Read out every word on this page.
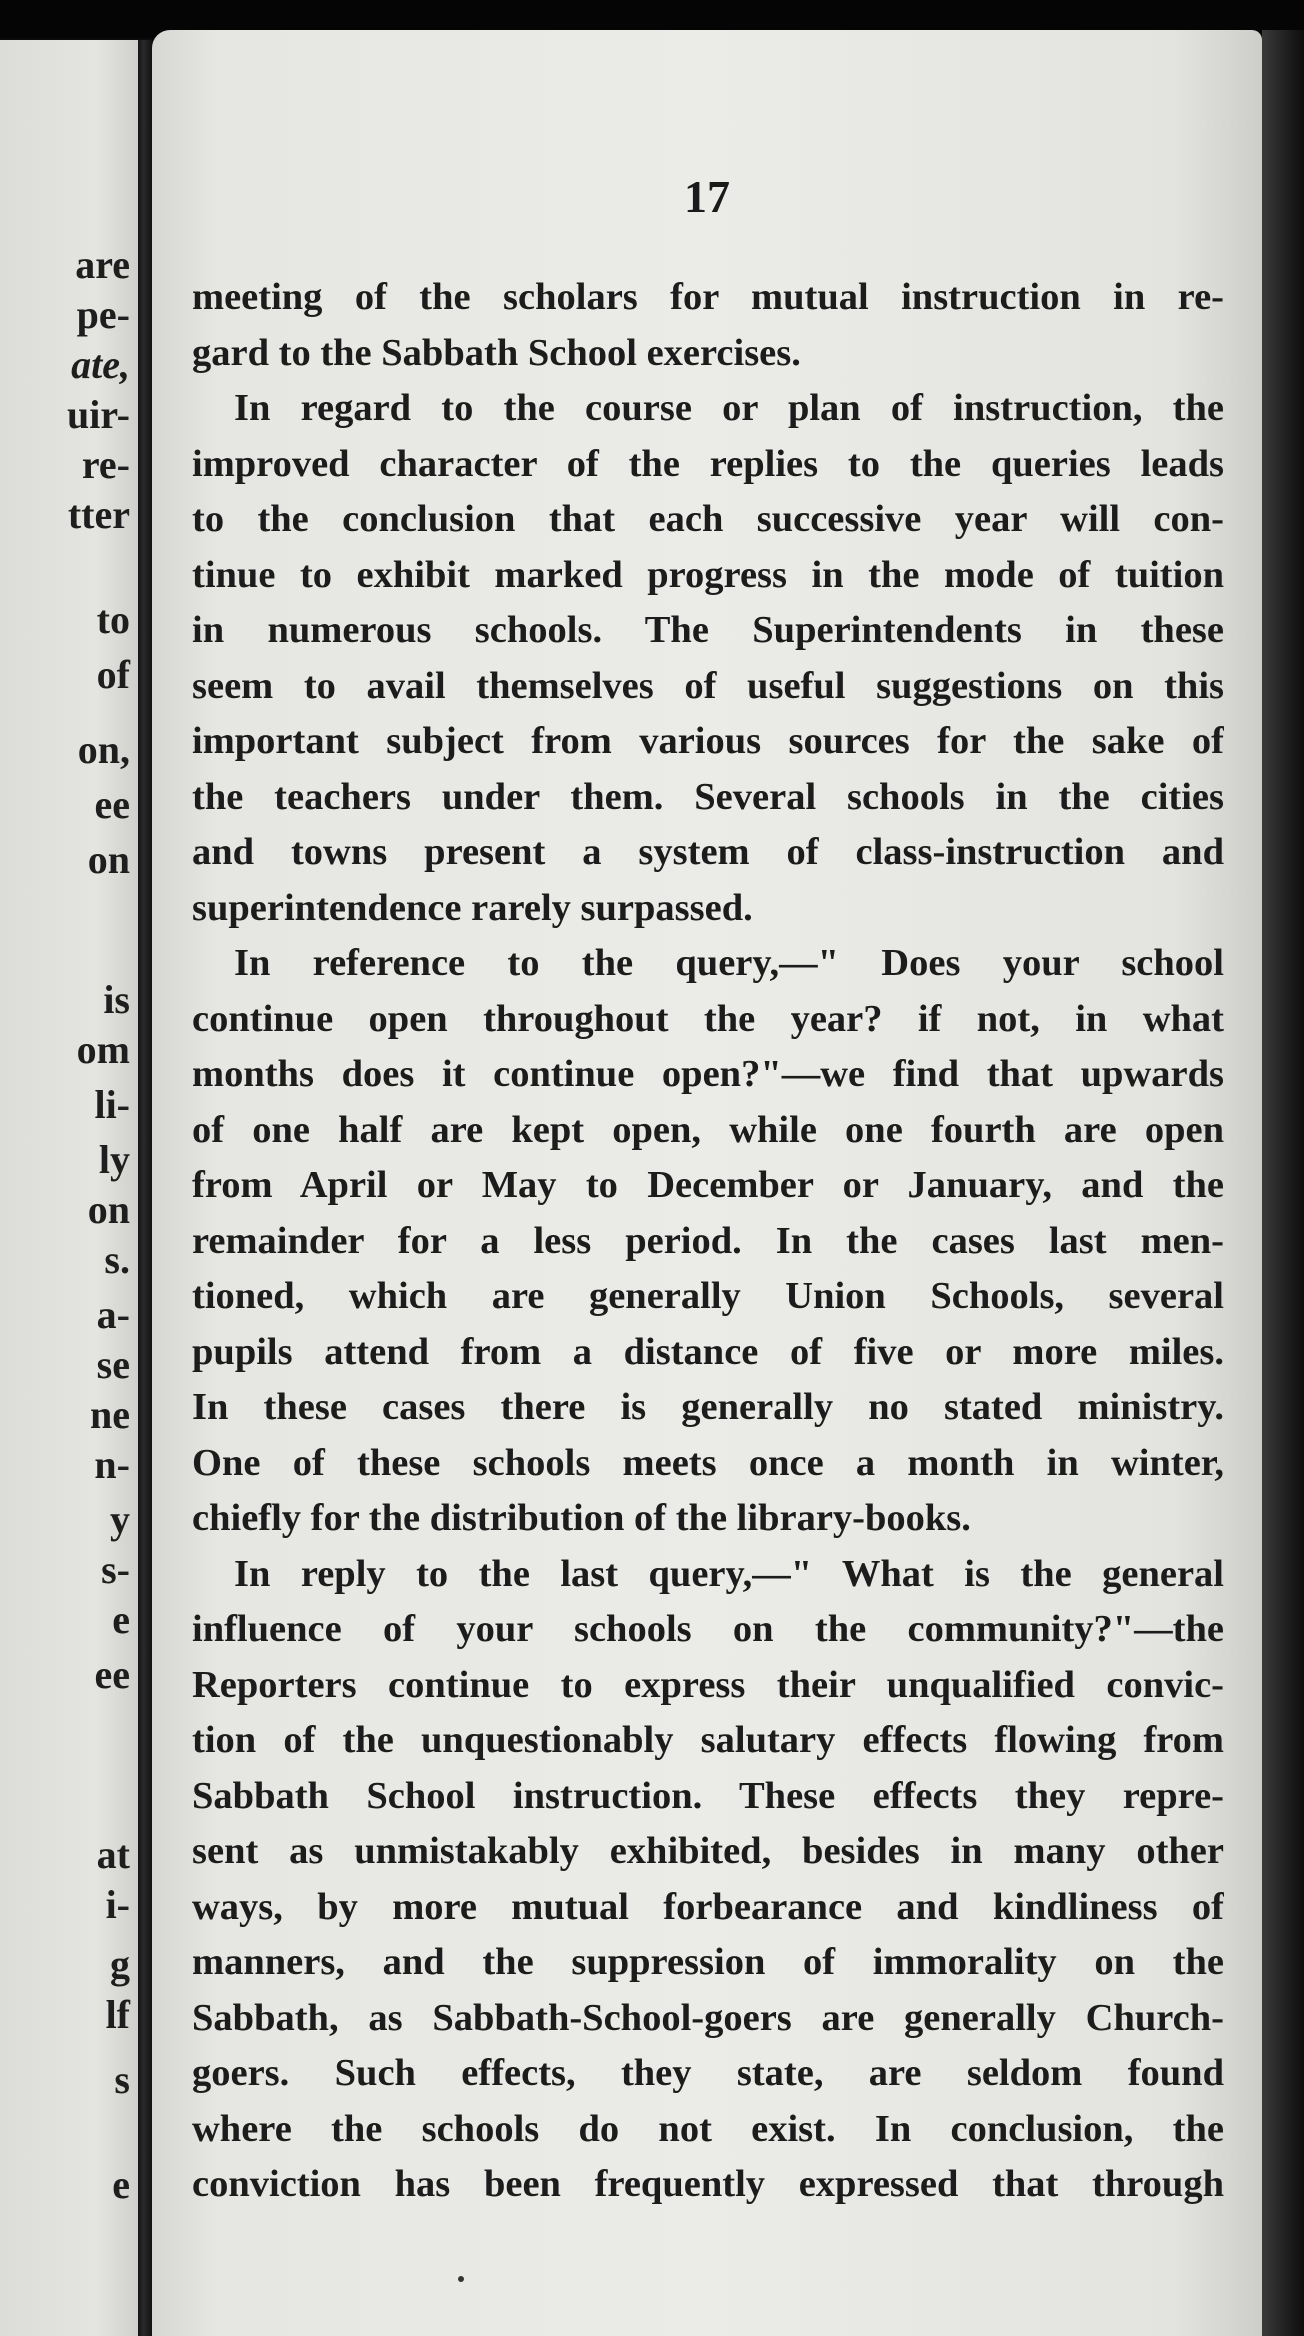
are
pe-
ate,
uir-
re-
tter
to
of
on,
ee
on
is
om
li-
ly
on
s.
a-
se
ne
n-
y
s-
e
ee
at
i-
g
lf
s
e
17
meeting of the scholars for mutual instruction in re-
gard to the Sabbath School exercises.
In regard to the course or plan of instruction, the
improved character of the replies to the queries leads
to the conclusion that each successive year will con-
tinue to exhibit marked progress in the mode of tuition
in numerous schools. The Superintendents in these
seem to avail themselves of useful suggestions on this
important subject from various sources for the sake of
the teachers under them. Several schools in the cities
and towns present a system of class-instruction and
superintendence rarely surpassed.
In reference to the query,—" Does your school
continue open throughout the year? if not, in what
months does it continue open?"—we find that upwards
of one half are kept open, while one fourth are open
from April or May to December or January, and the
remainder for a less period. In the cases last men-
tioned, which are generally Union Schools, several
pupils attend from a distance of five or more miles.
In these cases there is generally no stated ministry.
One of these schools meets once a month in winter,
chiefly for the distribution of the library-books.
In reply to the last query,—" What is the general
influence of your schools on the community?"—the
Reporters continue to express their unqualified convic-
tion of the unquestionably salutary effects flowing from
Sabbath School instruction. These effects they repre-
sent as unmistakably exhibited, besides in many other
ways, by more mutual forbearance and kindliness of
manners, and the suppression of immorality on the
Sabbath, as Sabbath-School-goers are generally Church-
goers. Such effects, they state, are seldom found
where the schools do not exist. In conclusion, the
conviction has been frequently expressed that through
